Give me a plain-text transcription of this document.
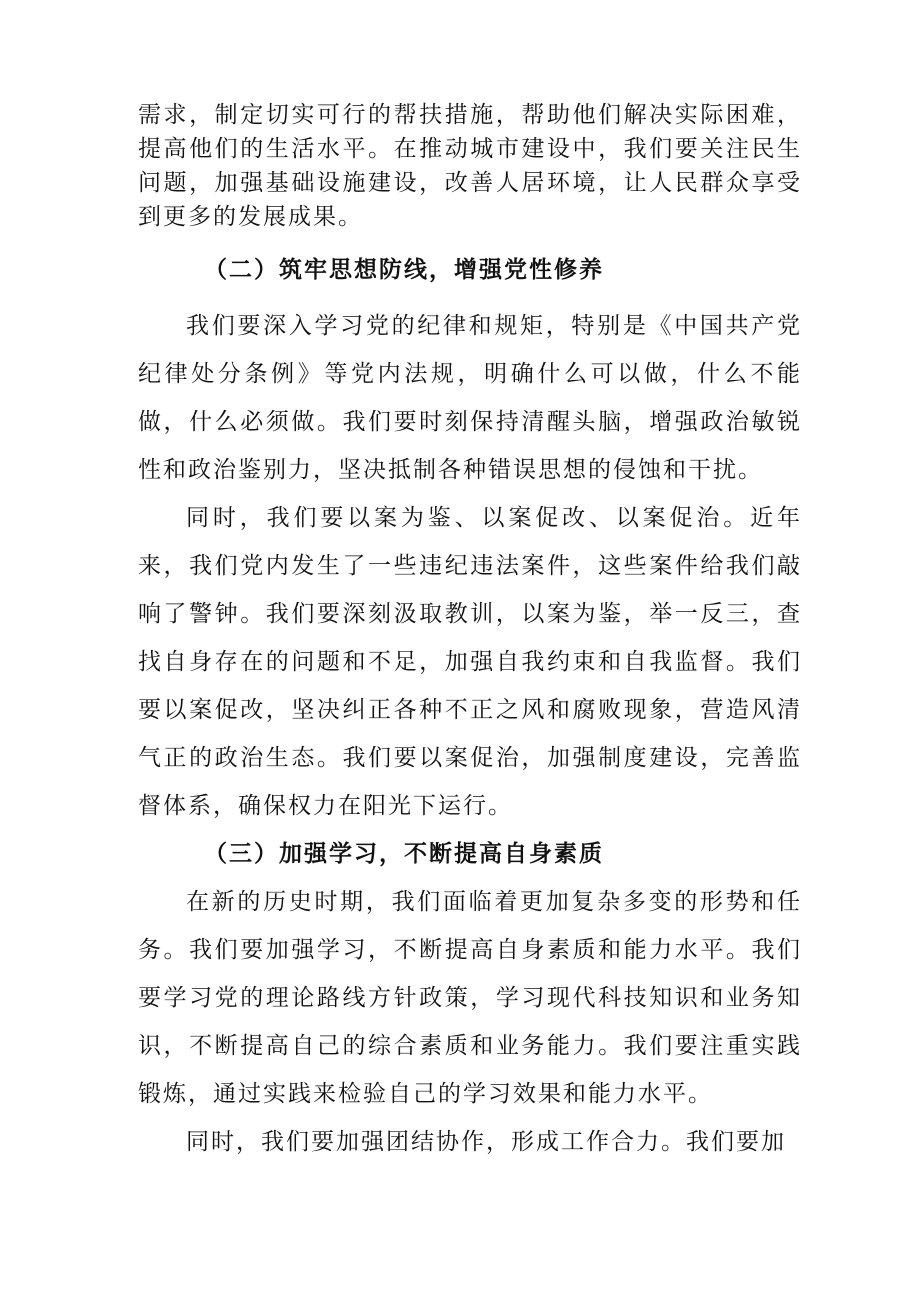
需求，制定切实可行的帮扶措施，帮助他们解决实际困难，提高他们的生活水平。在推动城市建设中，我们要关注民生问题，加强基础设施建设，改善人居环境，让人民群众享受到更多的发展成果。

（二）筑牢思想防线，增强党性修养

我们要深入学习党的纪律和规矩，特别是《中国共产党纪律处分条例》等党内法规，明确什么可以做，什么不能做，什么必须做。我们要时刻保持清醒头脑，增强政治敏锐性和政治鉴别力，坚决抵制各种错误思想的侵蚀和干扰。

同时，我们要以案为鉴、以案促改、以案促治。近年来，我们党内发生了一些违纪违法案件，这些案件给我们敲响了警钟。我们要深刻汲取教训，以案为鉴，举一反三，查找自身存在的问题和不足，加强自我约束和自我监督。我们要以案促改，坚决纠正各种不正之风和腐败现象，营造风清气正的政治生态。我们要以案促治，加强制度建设，完善监督体系，确保权力在阳光下运行。

（三）加强学习，不断提高自身素质

在新的历史时期，我们面临着更加复杂多变的形势和任务。我们要加强学习，不断提高自身素质和能力水平。我们要学习党的理论路线方针政策，学习现代科技知识和业务知识，不断提高自己的综合素质和业务能力。我们要注重实践锻炼，通过实践来检验自己的学习效果和能力水平。

同时，我们要加强团结协作，形成工作合力。我们要加
